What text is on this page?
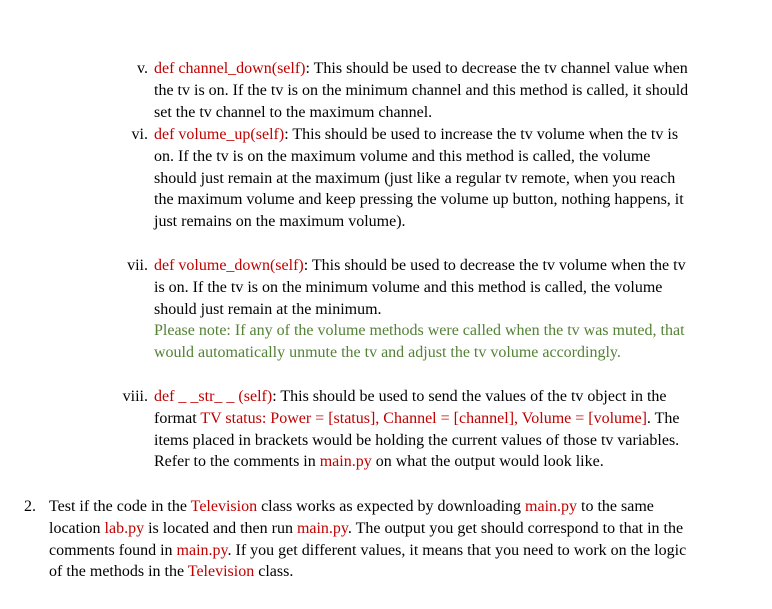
v. def channel_down(self): This should be used to decrease the tv channel value when the tv is on. If the tv is on the minimum channel and this method is called, it should set the tv channel to the maximum channel.
vi. def volume_up(self): This should be used to increase the tv volume when the tv is on. If the tv is on the maximum volume and this method is called, the volume should just remain at the maximum (just like a regular tv remote, when you reach the maximum volume and keep pressing the volume up button, nothing happens, it just remains on the maximum volume).
vii. def volume_down(self): This should be used to decrease the tv volume when the tv is on. If the tv is on the minimum volume and this method is called, the volume should just remain at the minimum.
Please note: If any of the volume methods were called when the tv was muted, that would automatically unmute the tv and adjust the tv volume accordingly.
viii. def _ _str_ _ (self): This should be used to send the values of the tv object in the format TV status: Power = [status], Channel = [channel], Volume = [volume]. The items placed in brackets would be holding the current values of those tv variables. Refer to the comments in main.py on what the output would look like.
2. Test if the code in the Television class works as expected by downloading main.py to the same location lab.py is located and then run main.py. The output you get should correspond to that in the comments found in main.py. If you get different values, it means that you need to work on the logic of the methods in the Television class.
